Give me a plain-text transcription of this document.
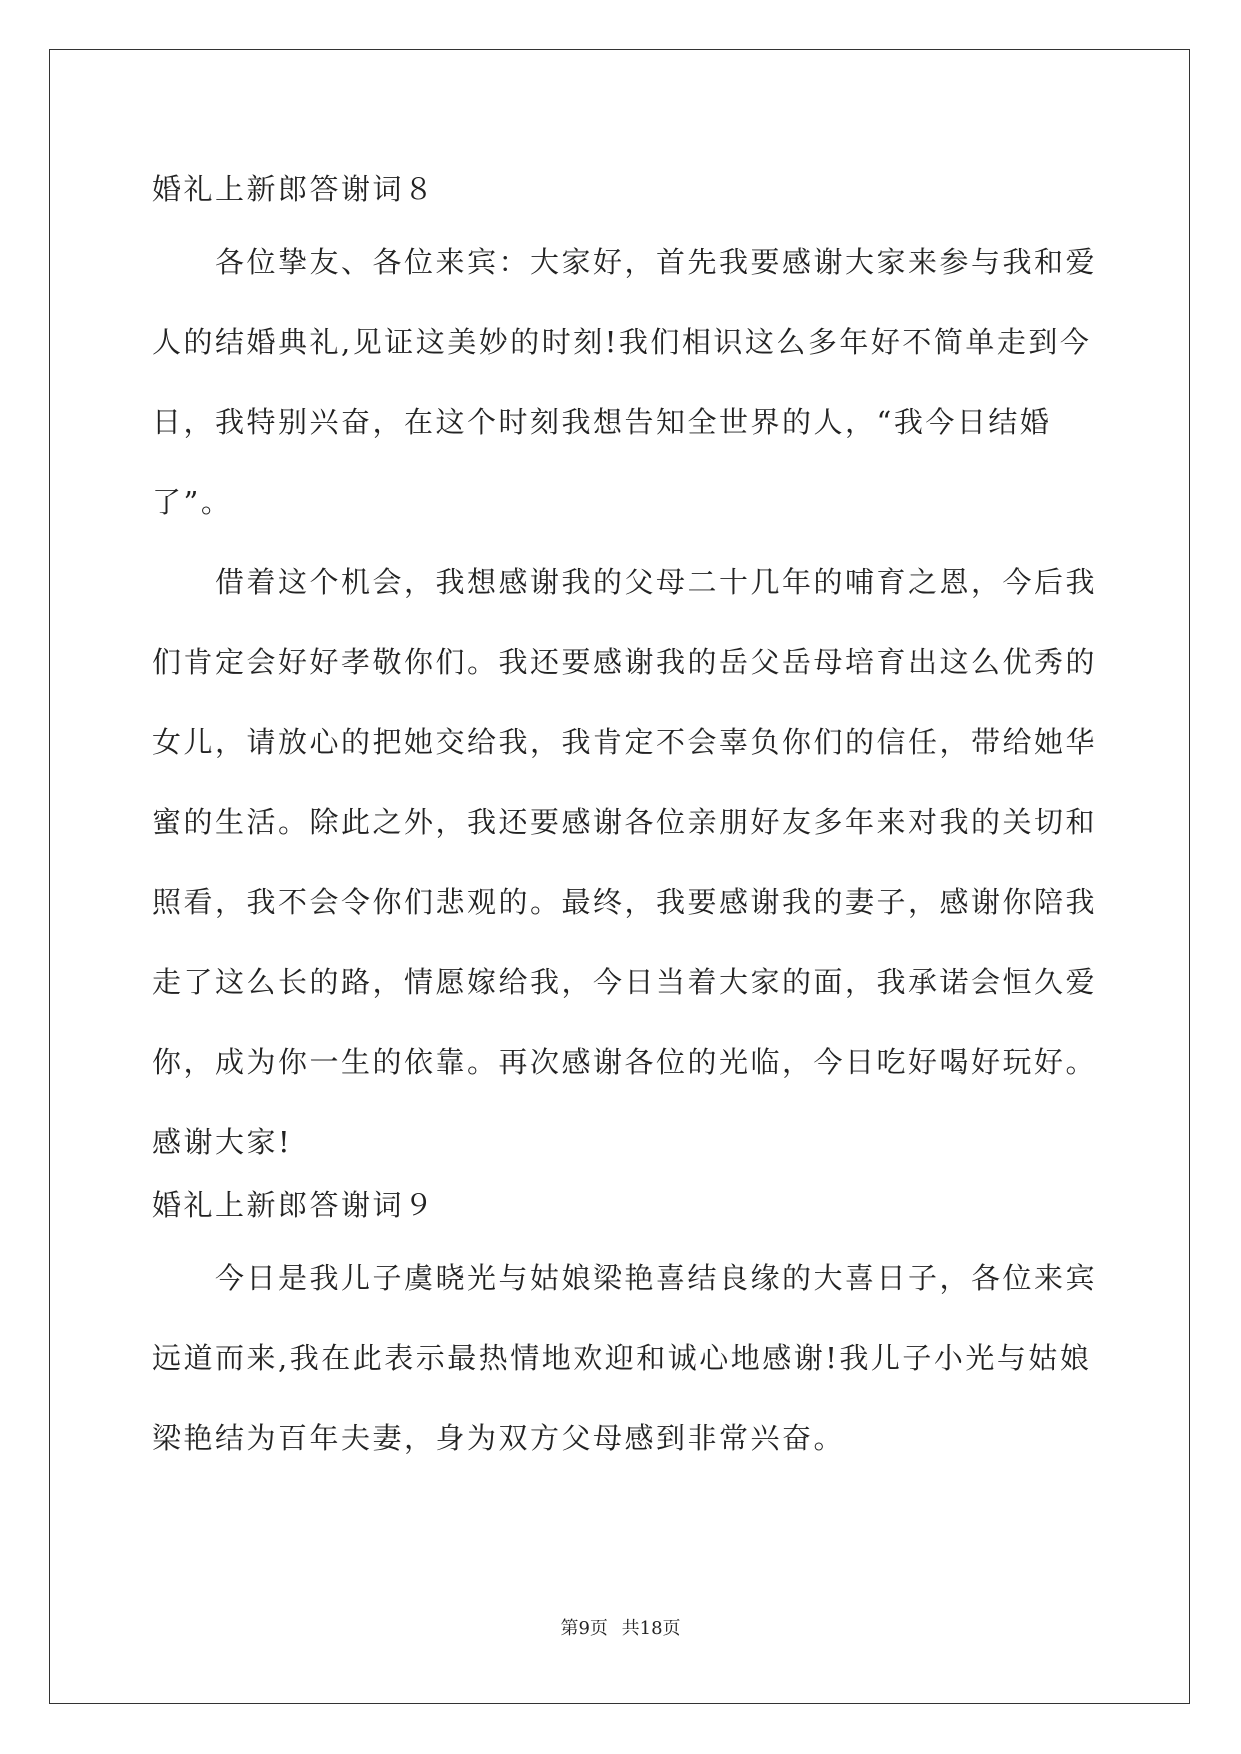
婚礼上新郎答谢词８
各位挚友、各位来宾：大家好，首先我要感谢大家来参与我和爱
人的结婚典礼,见证这美妙的时刻!我们相识这么多年好不简单走到今
日，我特别兴奋，在这个时刻我想告知全世界的人，“我今日结婚
了”。
借着这个机会，我想感谢我的父母二十几年的哺育之恩，今后我
们肯定会好好孝敬你们。我还要感谢我的岳父岳母培育出这么优秀的
女儿，请放心的把她交给我，我肯定不会辜负你们的信任，带给她华
蜜的生活。除此之外，我还要感谢各位亲朋好友多年来对我的关切和
照看，我不会令你们悲观的。最终，我要感谢我的妻子，感谢你陪我
走了这么长的路，情愿嫁给我，今日当着大家的面，我承诺会恒久爱
你，成为你一生的依靠。再次感谢各位的光临，今日吃好喝好玩好。
感谢大家!
婚礼上新郎答谢词９
今日是我儿子虞晓光与姑娘梁艳喜结良缘的大喜日子，各位来宾
远道而来,我在此表示最热情地欢迎和诚心地感谢!我儿子小光与姑娘
梁艳结为百年夫妻，身为双方父母感到非常兴奋。
第9页 共18页
